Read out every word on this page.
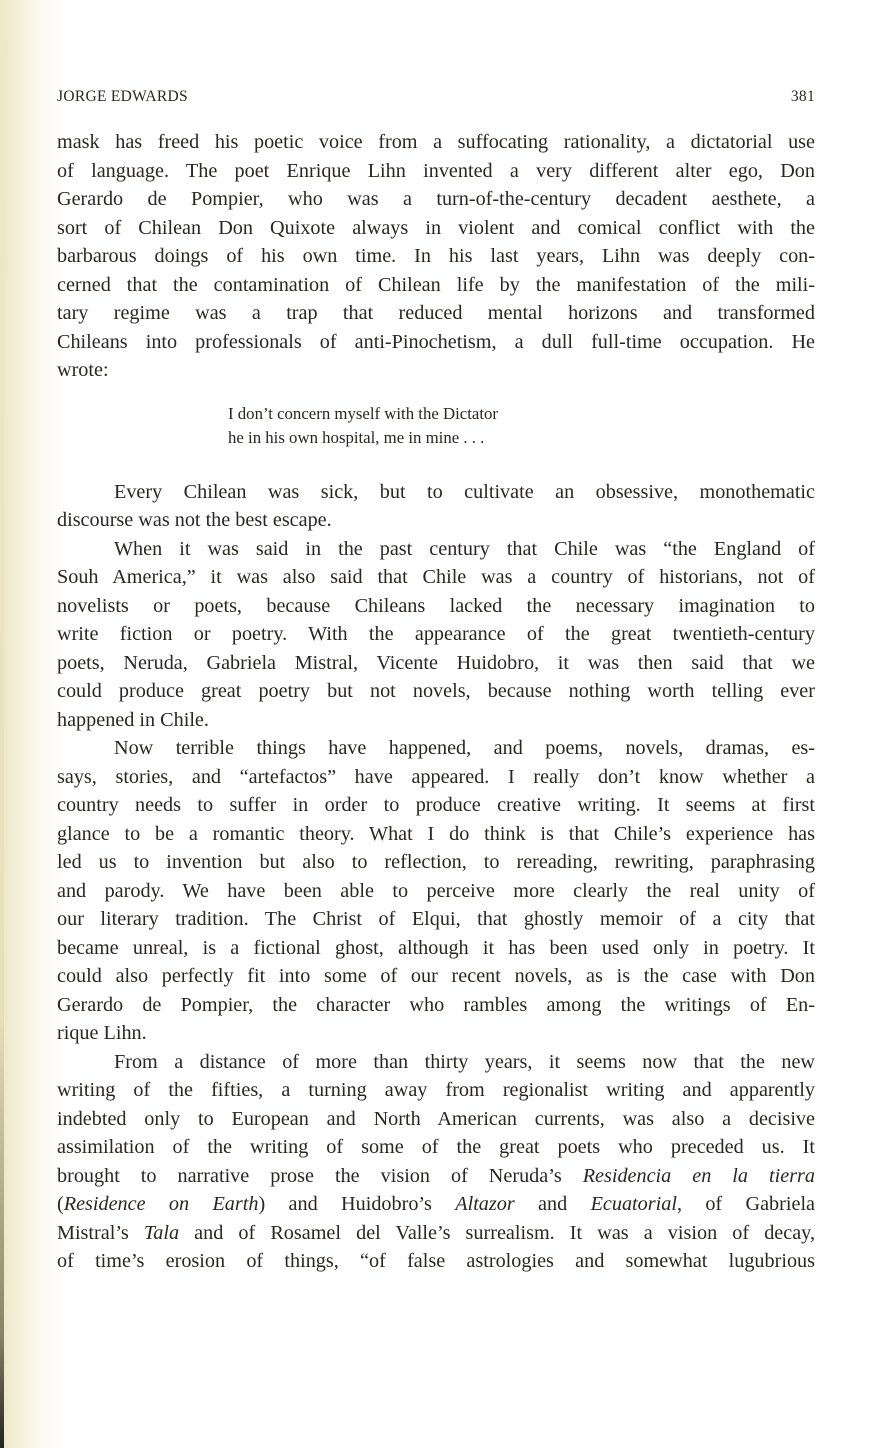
JORGE EDWARDS	381

mask has freed his poetic voice from a suffocating rationality, a dictatorial use
of language. The poet Enrique Lihn invented a very different alter ego, Don
Gerardo de Pompier, who was a turn-of-the-century decadent aesthete, a
sort of Chilean Don Quixote always in violent and comical conflict with the
barbarous doings of his own time. In his last years, Lihn was deeply con-
cerned that the contamination of Chilean life by the manifestation of the mili-
tary regime was a trap that reduced mental horizons and transformed
Chileans into professionals of anti-Pinochetism, a dull full-time occupation. He
wrote:

I don’t concern myself with the Dictator
he in his own hospital, me in mine . . .

Every Chilean was sick, but to cultivate an obsessive, monothematic
discourse was not the best escape.

When it was said in the past century that Chile was “the England of
Souh America,” it was also said that Chile was a country of historians, not of
novelists or poets, because Chileans lacked the necessary imagination to
write fiction or poetry. With the appearance of the great twentieth-century
poets, Neruda, Gabriela Mistral, Vicente Huidobro, it was then said that we
could produce great poetry but not novels, because nothing worth telling ever
happened in Chile.

Now terrible things have happened, and poems, novels, dramas, es-
says, stories, and “artefactos” have appeared. I really don’t know whether a
country needs to suffer in order to produce creative writing. It seems at first
glance to be a romantic theory. What I do think is that Chile’s experience has
led us to invention but also to reflection, to rereading, rewriting, paraphrasing
and parody. We have been able to perceive more clearly the real unity of
our literary tradition. The Christ of Elqui, that ghostly memoir of a city that
became unreal, is a fictional ghost, although it has been used only in poetry. It
could also perfectly fit into some of our recent novels, as is the case with Don
Gerardo de Pompier, the character who rambles among the writings of En-
rique Lihn.

From a distance of more than thirty years, it seems now that the new
writing of the fifties, a turning away from regionalist writing and apparently
indebted only to European and North American currents, was also a decisive
assimilation of the writing of some of the great poets who preceded us. It
brought to narrative prose the vision of Neruda’s Residencia en la tierra
(Residence on Earth) and Huidobro’s Altazor and Ecuatorial, of Gabriela
Mistral’s Tala and of Rosamel del Valle’s surrealism. It was a vision of decay,
of time’s erosion of things, “of false astrologies and somewhat lugubrious
